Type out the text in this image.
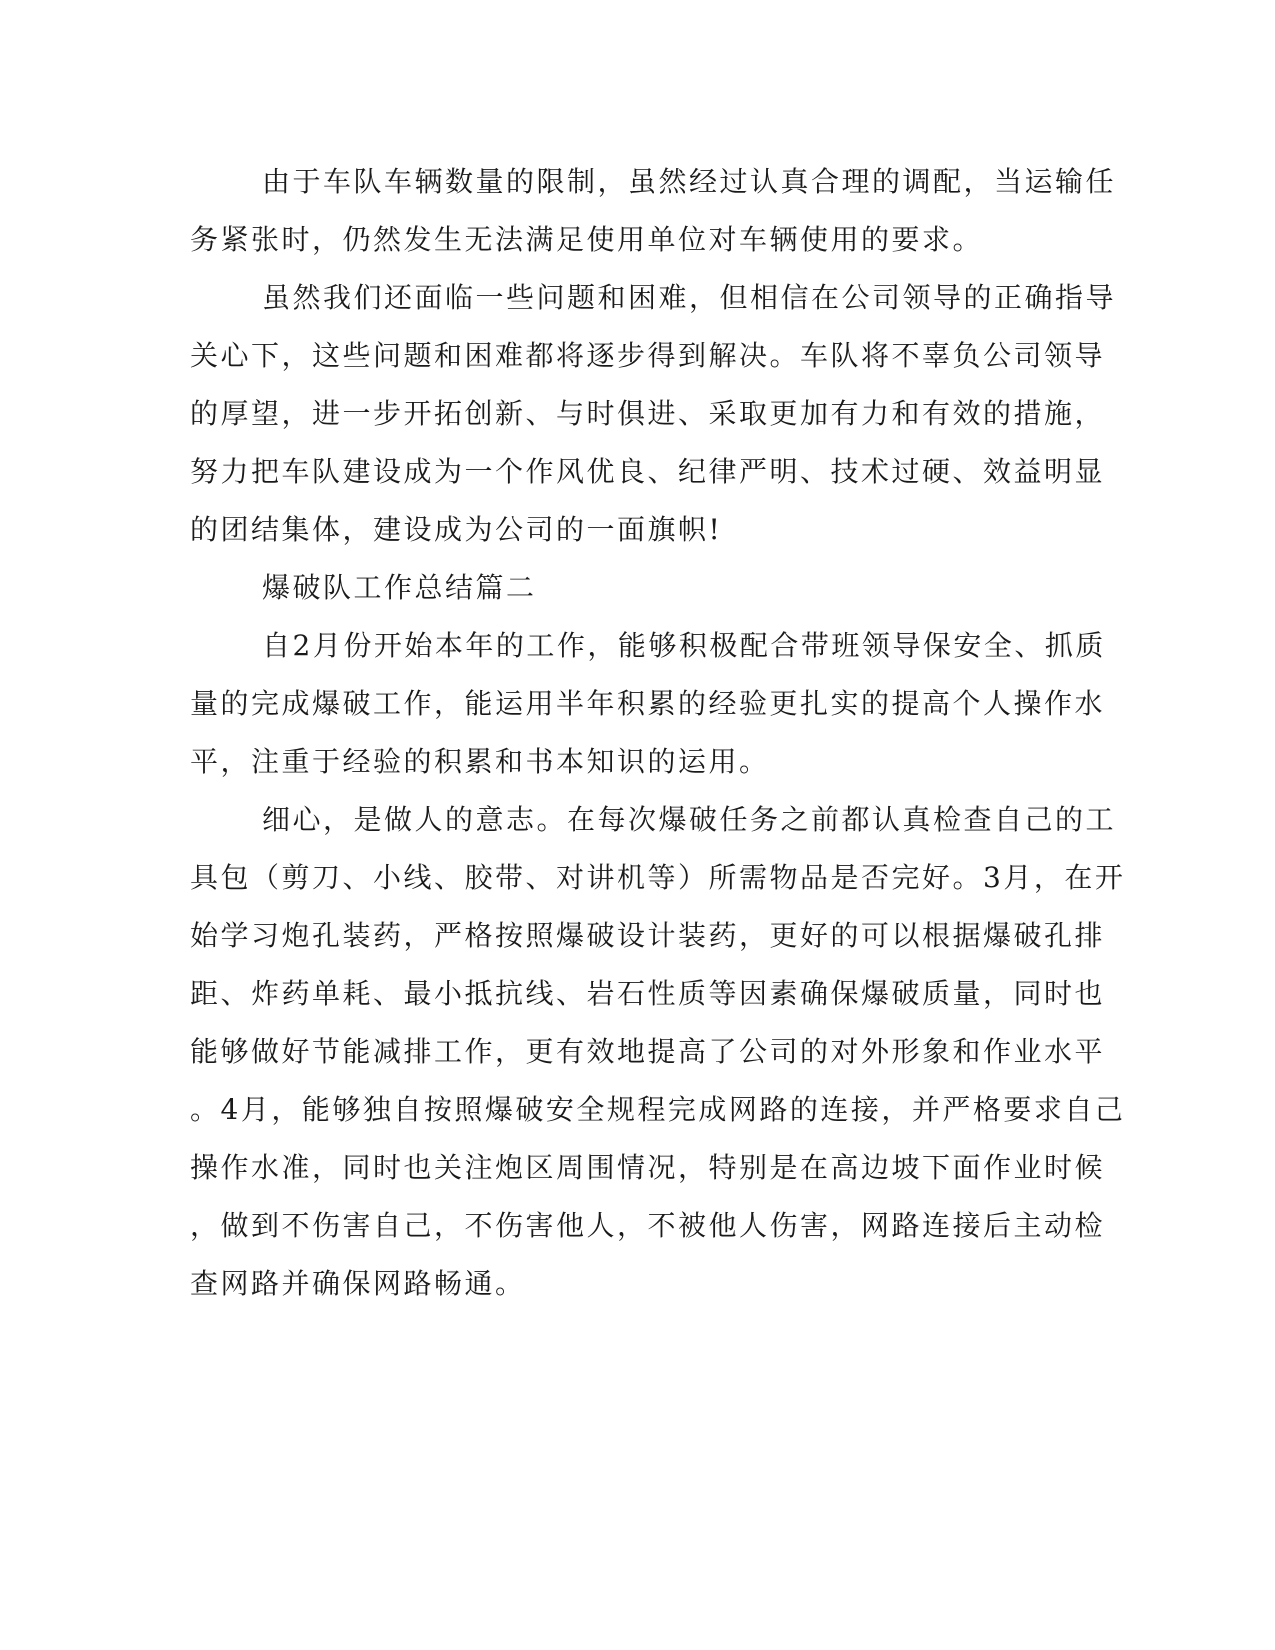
由于车队车辆数量的限制，虽然经过认真合理的调配，当运输任
务紧张时，仍然发生无法满足使用单位对车辆使用的要求。
虽然我们还面临一些问题和困难，但相信在公司领导的正确指导
关心下，这些问题和困难都将逐步得到解决。车队将不辜负公司领导
的厚望，进一步开拓创新、与时俱进、采取更加有力和有效的措施，
努力把车队建设成为一个作风优良、纪律严明、技术过硬、效益明显
的团结集体，建设成为公司的一面旗帜!
爆破队工作总结篇二
自2月份开始本年的工作，能够积极配合带班领导保安全、抓质
量的完成爆破工作，能运用半年积累的经验更扎实的提高个人操作水
平，注重于经验的积累和书本知识的运用。
细心，是做人的意志。在每次爆破任务之前都认真检查自己的工
具包（剪刀、小线、胶带、对讲机等）所需物品是否完好。3月，在开
始学习炮孔装药，严格按照爆破设计装药，更好的可以根据爆破孔排
距、炸药单耗、最小抵抗线、岩石性质等因素确保爆破质量，同时也
能够做好节能减排工作，更有效地提高了公司的对外形象和作业水平
。4月，能够独自按照爆破安全规程完成网路的连接，并严格要求自己
操作水准，同时也关注炮区周围情况，特别是在高边坡下面作业时候
，做到不伤害自己，不伤害他人，不被他人伤害，网路连接后主动检
查网路并确保网路畅通。
